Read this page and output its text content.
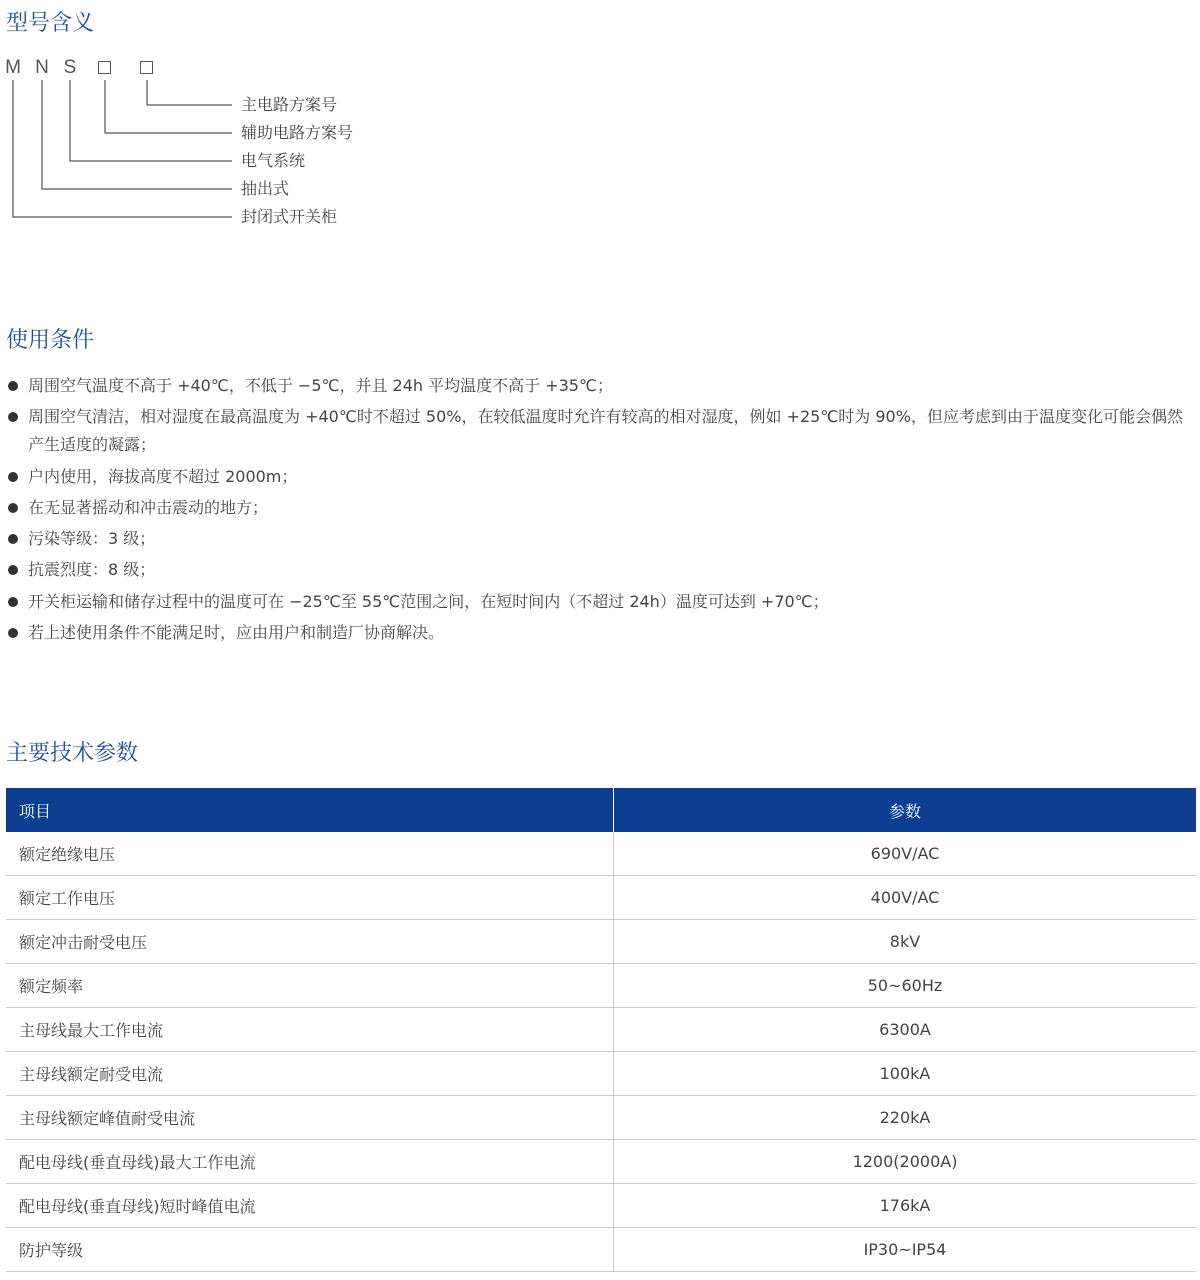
型号含义
M N S
主电路方案号
辅助电路方案号
电气系统
抽出式
封闭式开关柜
使用条件
周围空气温度不高于 +40℃，不低于 −5℃，并且 24h 平均温度不高于 +35℃；
周围空气清洁，相对湿度在最高温度为 +40℃时不超过 50%，在较低温度时允许有较高的相对湿度，例如 +25℃时为 90%，但应考虑到由于温度变化可能会偶然产生适度的凝露；
户内使用，海拔高度不超过 2000m；
在无显著摇动和冲击震动的地方；
污染等级：3 级；
抗震烈度：8 级；
开关柜运输和储存过程中的温度可在 −25℃至 55℃范围之间，在短时间内（不超过 24h）温度可达到 +70℃；
若上述使用条件不能满足时，应由用户和制造厂协商解决。
主要技术参数
项目	参数
额定绝缘电压	690V/AC
额定工作电压	400V/AC
额定冲击耐受电压	8kV
额定频率	50~60Hz
主母线最大工作电流	6300A
主母线额定耐受电流	100kA
主母线额定峰值耐受电流	220kA
配电母线(垂直母线)最大工作电流	1200(2000A)
配电母线(垂直母线)短时峰值电流	176kA
防护等级	IP30~IP54
